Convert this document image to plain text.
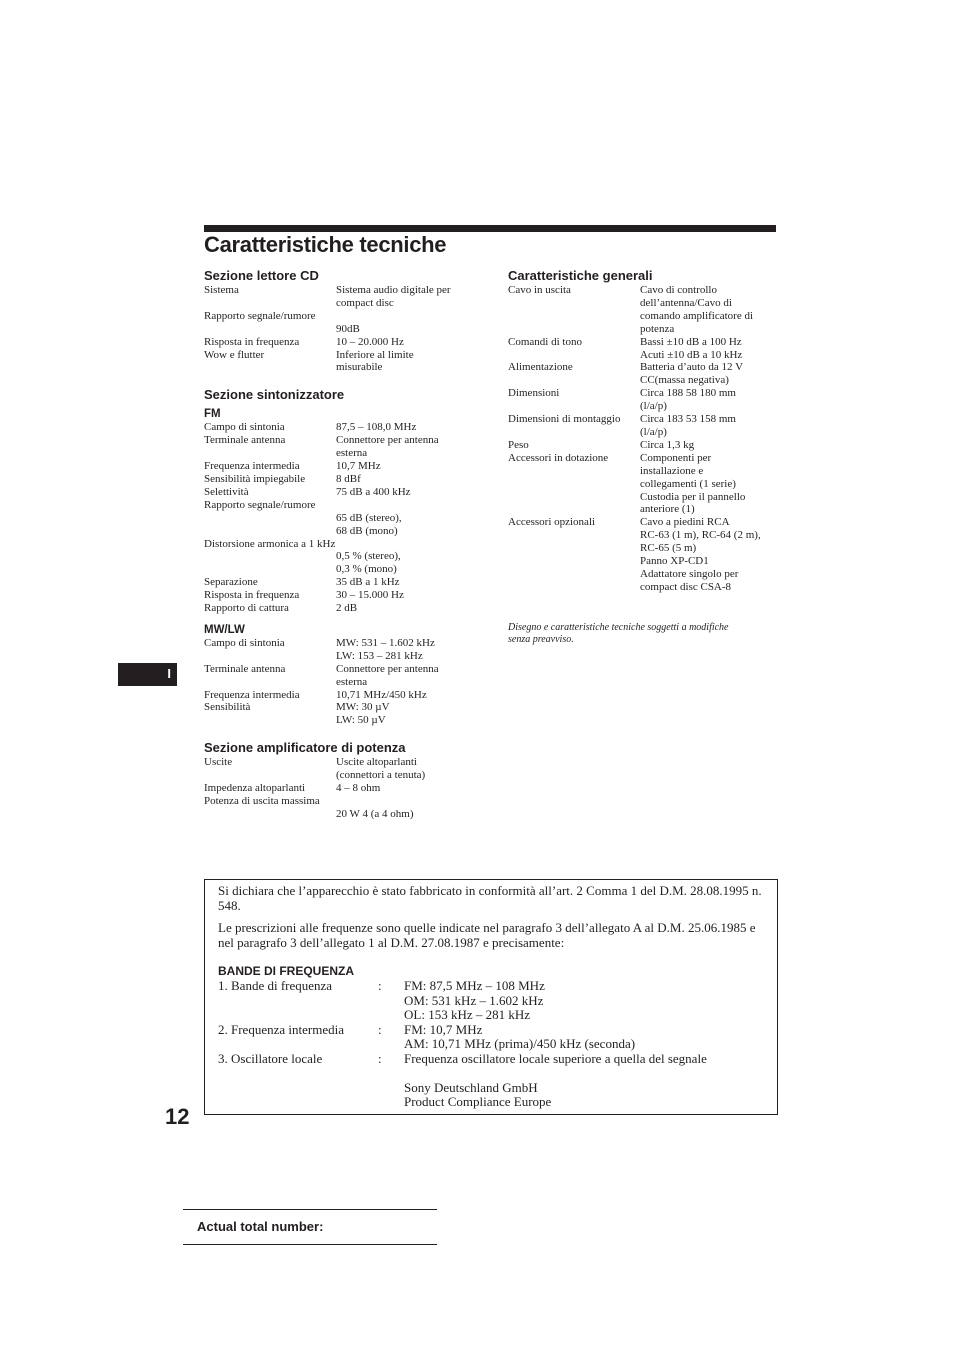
Caratteristiche tecniche
Sezione lettore CD
Sistema	Sistema audio digitale per
compact disc
Rapporto segnale/rumore

90dB
Risposta in frequenza	10 – 20.000 Hz
Wow e flutter	Inferiore al limite
misurabile
Sezione sintonizzatore
FM
Campo di sintonia	87,5 – 108,0 MHz
Terminale antenna	Connettore per antenna
esterna
Frequenza intermedia	10,7 MHz
Sensibilità impiegabile	8 dBf
Selettività	75 dB a 400 kHz
Rapporto segnale/rumore

65 dB (stereo),
68 dB (mono)
Distorsione armonica a 1 kHz

0,5 % (stereo),
0,3 % (mono)
Separazione	35 dB a 1 kHz
Risposta in frequenza	30 – 15.000 Hz
Rapporto di cattura	2 dB
MW/LW
Campo di sintonia	MW: 531 – 1.602 kHz
LW: 153 – 281 kHz
Terminale antenna	Connettore per antenna
esterna
Frequenza intermedia	10,71 MHz/450 kHz
Sensibilità	MW: 30 µV
LW: 50 µV
Sezione amplificatore di potenza
Uscite	Uscite altoparlanti
(connettori a tenuta)
Impedenza altoparlanti	4 – 8 ohm
Potenza di uscita massima

20 W 4 (a 4 ohm)
Caratteristiche generali
Cavo in uscita	Cavo di controllo
dell’antenna/Cavo di
comando amplificatore di
potenza
Comandi di tono	Bassi ±10 dB a 100 Hz
Acuti ±10 dB a 10 kHz
Alimentazione	Batteria d’auto da 12 V
CC(massa negativa)
Dimensioni	Circa 188 58 180 mm
(l/a/p)
Dimensioni di montaggio	Circa 183 53 158 mm
(l/a/p)
Peso	Circa 1,3 kg
Accessori in dotazione	Componenti per
installazione e
collegamenti (1 serie)
Custodia per il pannello
anteriore (1)
Accessori opzionali	Cavo a piedini RCA
RC-63 (1 m), RC-64 (2 m),
RC-65 (5 m)
Panno XP-CD1
Adattatore singolo per
compact disc CSA-8
Disegno e caratteristiche tecniche soggetti a modifiche
senza preavviso.
I

Si dichiara che l’apparecchio è stato fabbricato in conformità all’art. 2 Comma 1 del D.M. 28.08.1995 n. 548.

Le prescrizioni alle frequenze sono quelle indicate nel paragrafo 3 dell’allegato A al D.M. 25.06.1985 e nel paragrafo 3 dell’allegato 1 al D.M. 27.08.1987 e precisamente:

BANDE DI FREQUENZA
1. Bande di frequenza	:	FM: 87,5 MHz – 108 MHz
OM: 531 kHz – 1.602 kHz
OL: 153 kHz – 281 kHz
2. Frequenza intermedia	:	FM: 10,7 MHz
AM: 10,71 MHz (prima)/450 kHz (seconda)
3. Oscillatore locale	:	Frequenza oscillatore locale superiore a quella del segnale

Sony Deutschland GmbH
Product Compliance Europe
12
Actual total number:
